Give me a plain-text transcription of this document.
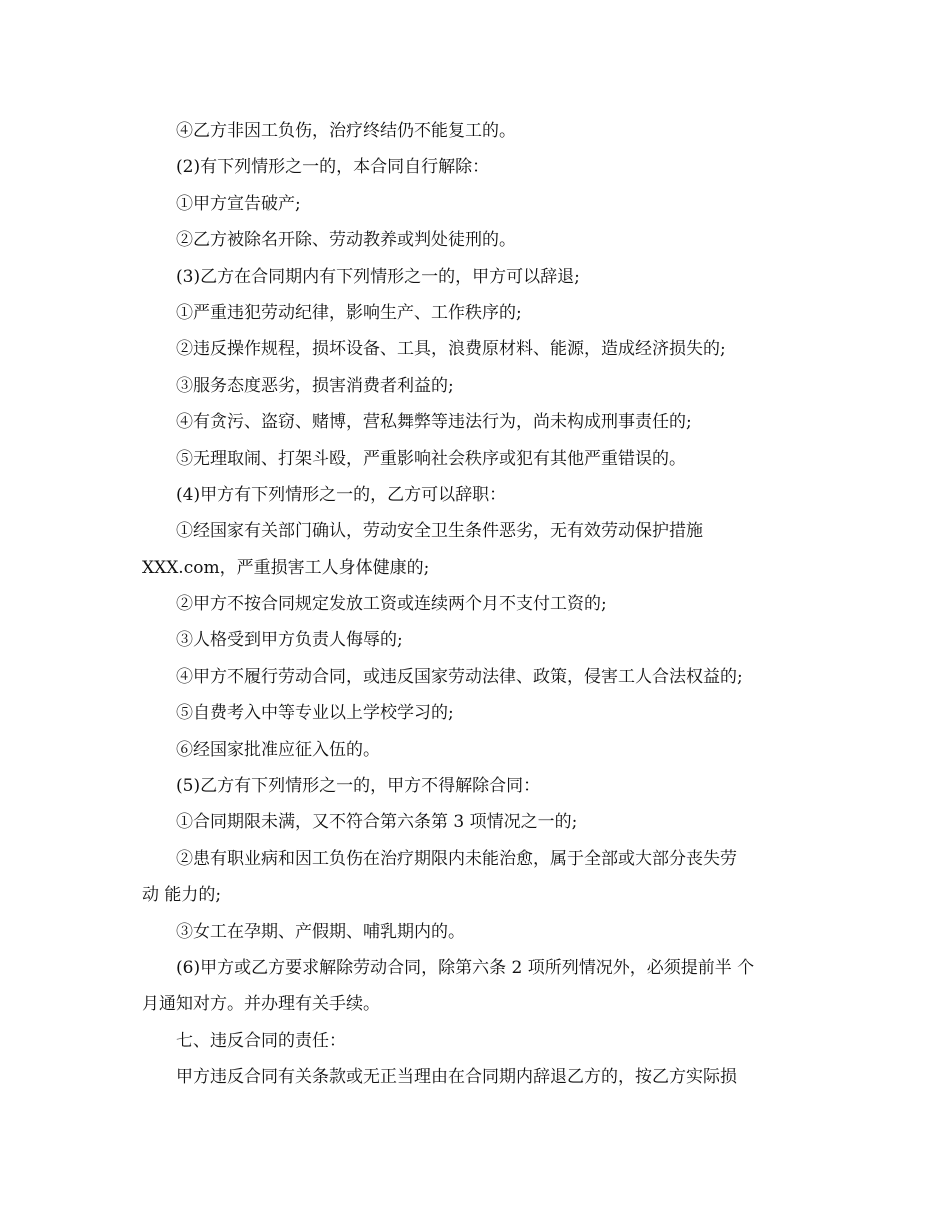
④乙方非因工负伤，治疗终结仍不能复工的。
(2)有下列情形之一的，本合同自行解除：
①甲方宣告破产;
②乙方被除名开除、劳动教养或判处徒刑的。
(3)乙方在合同期内有下列情形之一的，甲方可以辞退;
①严重违犯劳动纪律，影响生产、工作秩序的;
②违反操作规程，损坏设备、工具，浪费原材料、能源，造成经济损失的;
③服务态度恶劣，损害消费者利益的;
④有贪污、盗窃、赌博，营私舞弊等违法行为，尚未构成刑事责任的;
⑤无理取闹、打架斗殴，严重影响社会秩序或犯有其他严重错误的。
(4)甲方有下列情形之一的，乙方可以辞职：
①经国家有关部门确认，劳动安全卫生条件恶劣，无有效劳动保护措施
XXX.com，严重损害工人身体健康的;
②甲方不按合同规定发放工资或连续两个月不支付工资的;
③人格受到甲方负责人侮辱的;
④甲方不履行劳动合同，或违反国家劳动法律、政策，侵害工人合法权益的;
⑤自费考入中等专业以上学校学习的;
⑥经国家批准应征入伍的。
(5)乙方有下列情形之一的，甲方不得解除合同：
①合同期限未满，又不符合第六条第 3 项情况之一的;
②患有职业病和因工负伤在治疗期限内未能治愈，属于全部或大部分丧失劳
动 能力的;
③女工在孕期、产假期、哺乳期内的。
(6)甲方或乙方要求解除劳动合同，除第六条 2 项所列情况外，必须提前半 个
月通知对方。并办理有关手续。
七、违反合同的责任：
甲方违反合同有关条款或无正当理由在合同期内辞退乙方的，按乙方实际损
